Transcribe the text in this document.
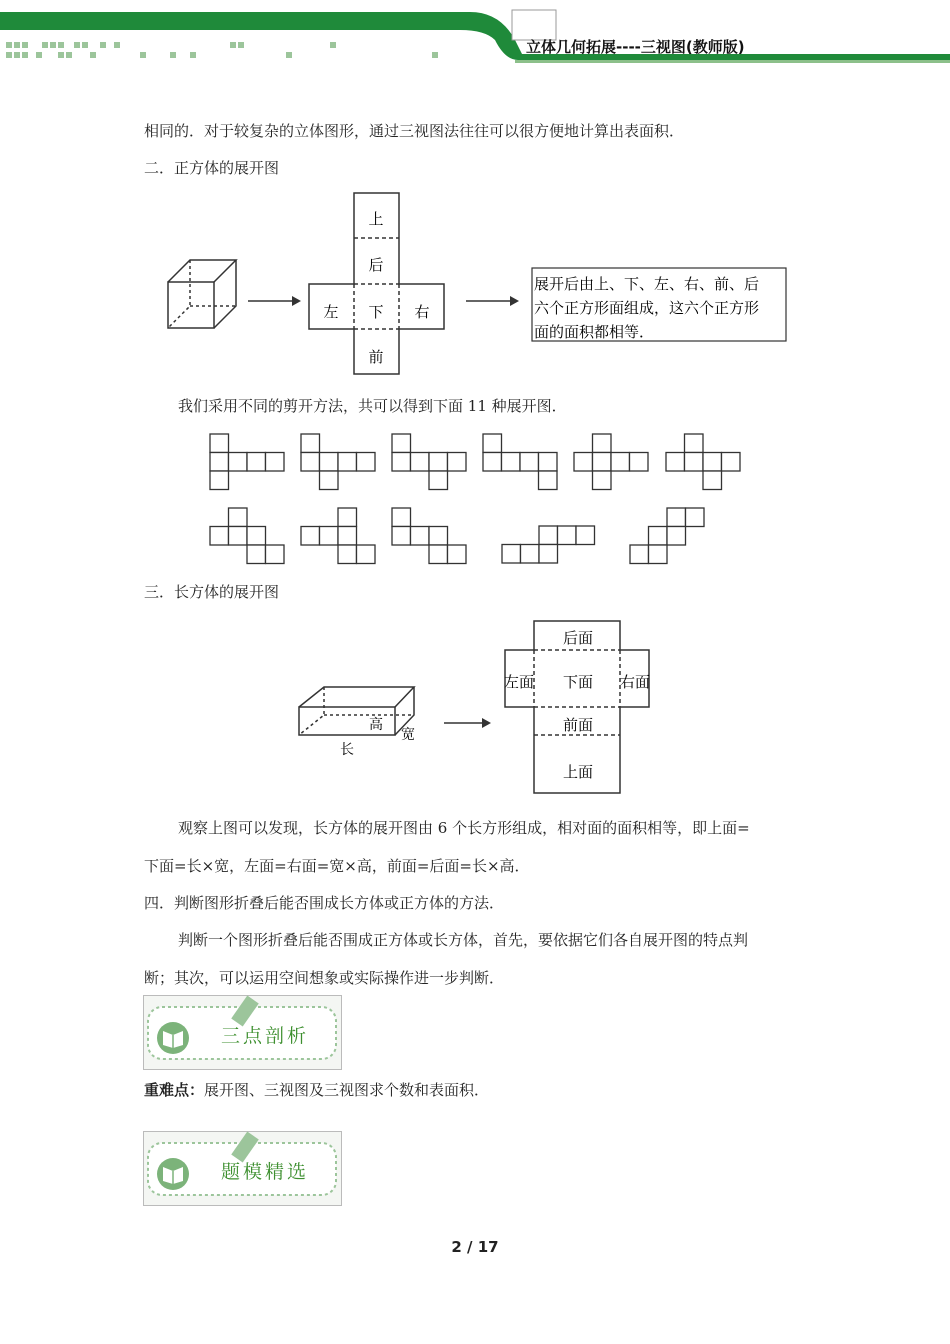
立体几何拓展----三视图(教师版)
相同的．对于较复杂的立体图形，通过三视图法往往可以很方便地计算出表面积．
二．正方体的展开图
上
后
左 下 右
前
展开后由上、下、左、右、前、后
六个正方形面组成，这六个正方形
面的面积都相等．
我们采用不同的剪开方法，共可以得到下面 11 种展开图．
三．长方体的展开图
高
宽
长
后面
左面 下面 右面
前面
上面
观察上图可以发现，长方体的展开图由 6 个长方形组成，相对面的面积相等，即上面=
下面=长×宽，左面=右面=宽×高，前面=后面=长×高．
四．判断图形折叠后能否围成长方体或正方体的方法．
判断一个图形折叠后能否围成正方体或长方体，首先，要依据它们各自展开图的特点判
断；其次，可以运用空间想象或实际操作进一步判断．
三点剖析
重难点：展开图、三视图及三视图求个数和表面积．
题模精选
2 / 17
